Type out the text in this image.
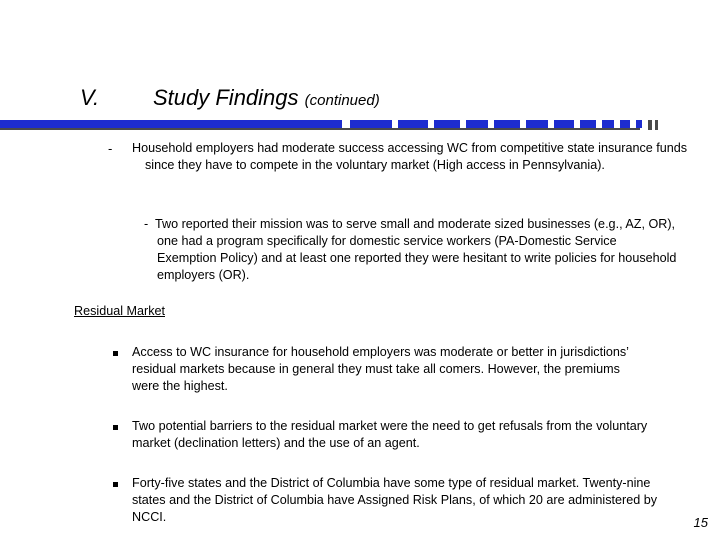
V. Study Findings (continued)
- Household employers had moderate success accessing WC from competitive state insurance funds since they have to compete in the voluntary market (High access in Pennsylvania).
- Two reported their mission was to serve small and moderate sized businesses (e.g., AZ, OR), one had a program specifically for domestic service workers (PA-Domestic Service Exemption Policy) and at least one reported they were hesitant to write policies for household employers (OR).
Residual Market
Access to WC insurance for household employers was moderate or better in jurisdictions’ residual markets because in general they must take all comers. However, the premiums were the highest.
Two potential barriers to the residual market were the need to get refusals from the voluntary market (declination letters) and the use of an agent.
Forty-five states and the District of Columbia have some type of residual market. Twenty-nine states and the District of Columbia have Assigned Risk Plans, of which 20 are administered by NCCI.	15
